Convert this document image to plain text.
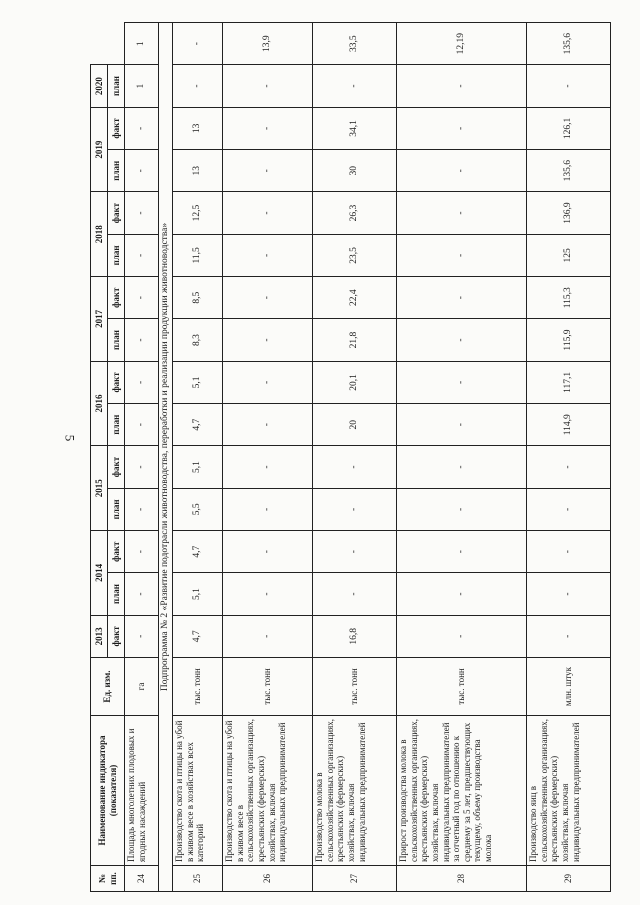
5
№ пп.	Наименование индикатора (показателя)	Ед. изм.	2013	2014		2015		2016		2017		2018		2019		2020	
			факт	план	факт	план	факт	план	факт	план	факт	план	факт	план	факт	план	
24	Площадь многолетних плодовых и ягодных насаждений	га	-	-	-	-	-	-	-	-	-	-	-	-	-	1	1
Подпрограмма № 2 «Развитие подотрасли животноводства, переработки и реализации продукции животноводства»																	
25	Производство скота и птицы на убой в живом весе в хозяйствах всех категорий	тыс. тонн	4,7	5,1	4,7	5,5	5,1	4,7	5,1	8,3	8,5	11,5	12,5	13	13	-	-
26	Производство скота и птицы на убой в живом весе в сельскохозяйственных организациях, крестьянских (фермерских) хозяйствах, включая индивидуальных предпринимателей	тыс. тонн	-	-	-	-	-	-	-	-	-	-	-	-	-	-	13,9
27	Производство молока в сельскохозяйственных организациях, крестьянских (фермерских) хозяйствах, включая индивидуальных предпринимателей	тыс. тонн	16,8	-	-	-	-	20	20,1	21,8	22,4	23,5	26,3	30	34,1	-	33,5
28	Прирост производства молока в сельскохозяйственных организациях, крестьянских (фермерских) хозяйствах, включая индивидуальных предпринимателей за отчетный год по отношению к среднему за 5 лет, предшествующих текущему, объему производства молока	тыс. тонн	-	-	-	-	-	-	-	-	-	-	-	-	-	-	12,19
29	Производство яиц в сельскохозяйственных организациях, крестьянских (фермерских) хозяйствах, включая индивидуальных предпринимателей	млн. штук	-	-	-	-	-	114,9	117,1	115,9	115,3	125	136,9	135,6	126,1	-	135,6
